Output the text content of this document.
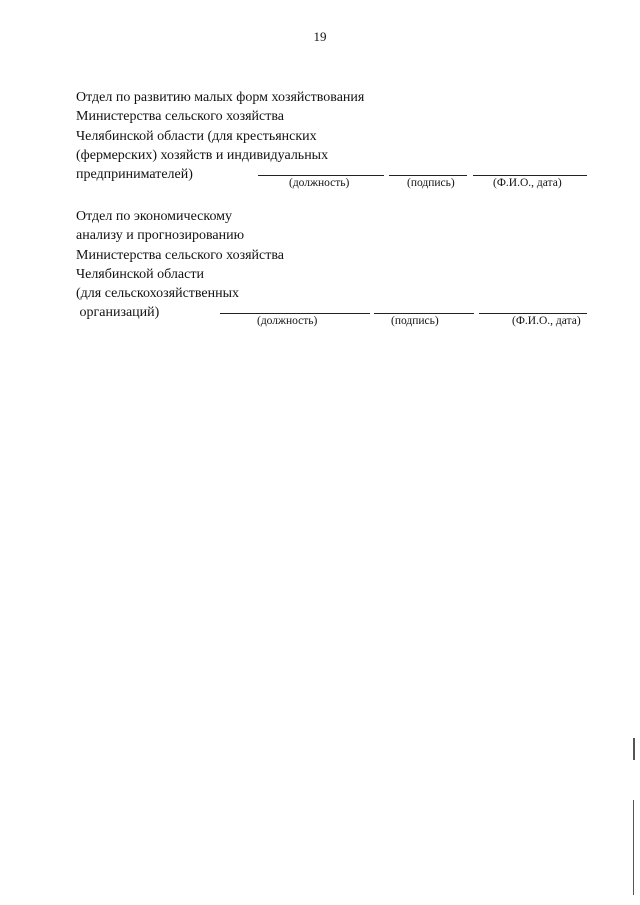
19
Отдел по развитию малых форм хозяйствования
Министерства сельского хозяйства
Челябинской области (для крестьянских
(фермерских) хозяйств и индивидуальных
предпринимателей)
(должность)	(подпись)	(Ф.И.О., дата)
Отдел по экономическому
анализу и прогнозированию
Министерства сельского хозяйства
Челябинской области
(для сельскохозяйственных
организаций)
(должность)	(подпись)	(Ф.И.О., дата)
